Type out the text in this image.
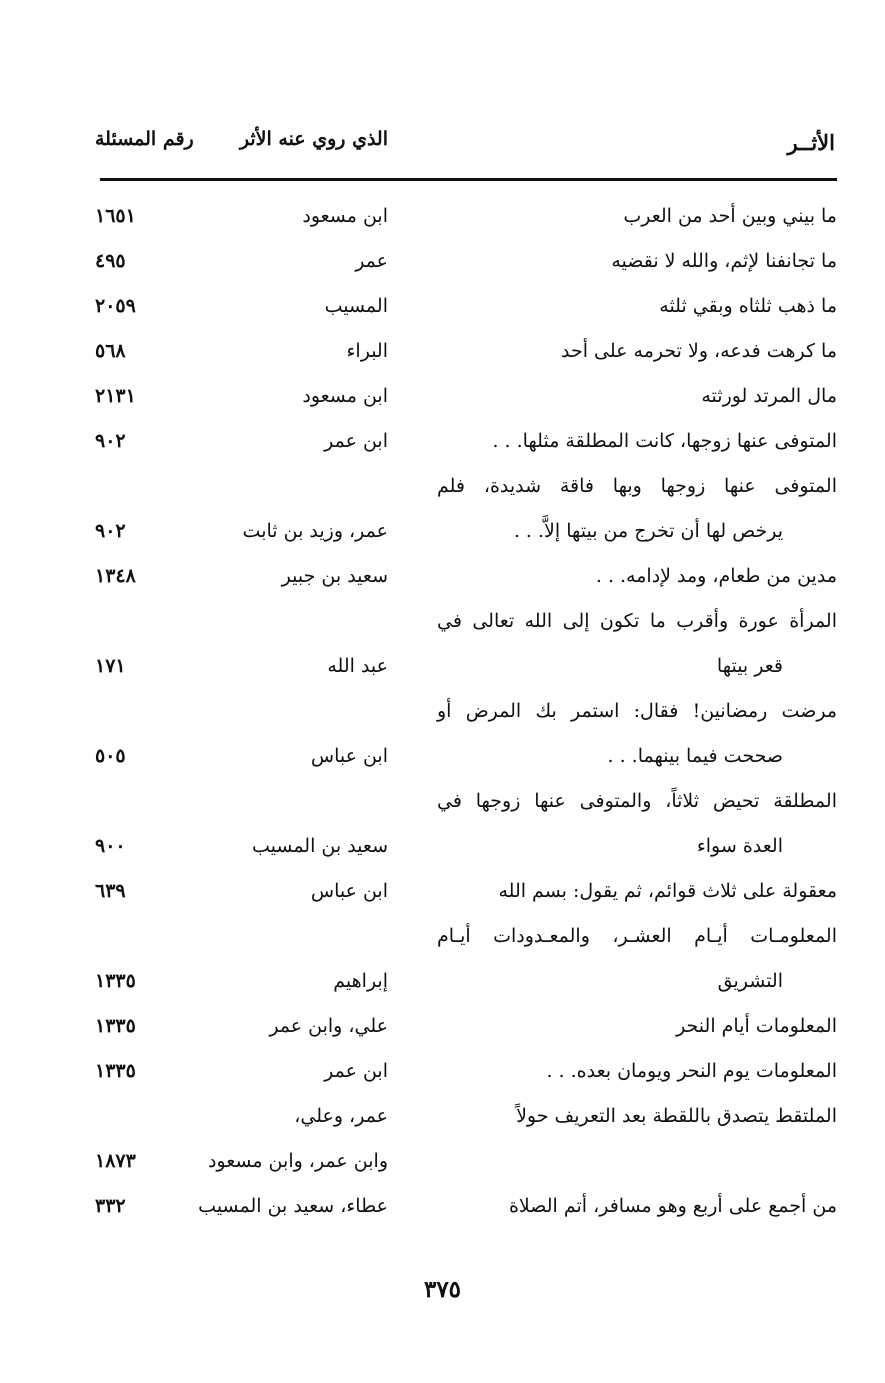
الأثــر
الذي روي عنه الأثر
رقم المسئلة
ما بيني وبين أحد من العرب
ابن مسعود
١٦٥١
ما تجانفنا لإثم، والله لا نقضيه
عمر
٤٩٥
ما ذهب ثلثاه وبقي ثلثه
المسيب
٢٠٥٩
ما كرهت فدعه، ولا تحرمه على أحد
البراء
٥٦٨
مال المرتد لورثته
ابن مسعود
٢١٣١
المتوفى عنها زوجها، كانت المطلقة مثلها. . .
ابن عمر
٩٠٢
المتوفى عنها زوجها وبها فاقة شديدة، فلم
يرخص لها أن تخرج من بيتها إلاَّ. . .
عمر، وزيد بن ثابت
٩٠٢
مدين من طعام، ومد لإدامه. . .
سعيد بن جبير
١٣٤٨
المرأة عورة وأقرب ما تكون إلى الله تعالى في
قعر بيتها
عبد الله
١٧١
مرضت رمضانين! فقال: استمر بك المرض أو
صححت فيما بينهما. . .
ابن عباس
٥٠٥
المطلقة تحيض ثلاثاً، والمتوفى عنها زوجها في
العدة سواء
سعيد بن المسيب
٩٠٠
معقولة على ثلاث قوائم، ثم يقول: بسم الله
ابن عباس
٦٣٩
المعلومـات أيـام العشـر، والمعـدودات أيـام
التشريق
إبراهيم
١٣٣٥
المعلومات أيام النحر
علي، وابن عمر
١٣٣٥
المعلومات يوم النحر ويومان بعده. . .
ابن عمر
١٣٣٥
الملتقط يتصدق باللقطة بعد التعريف حولاً
عمر، وعلي،
وابن عمر، وابن مسعود
١٨٧٣
من أجمع على أربع وهو مسافر، أتم الصلاة
عطاء، سعيد بن المسيب
٣٣٢
٣٧٥
